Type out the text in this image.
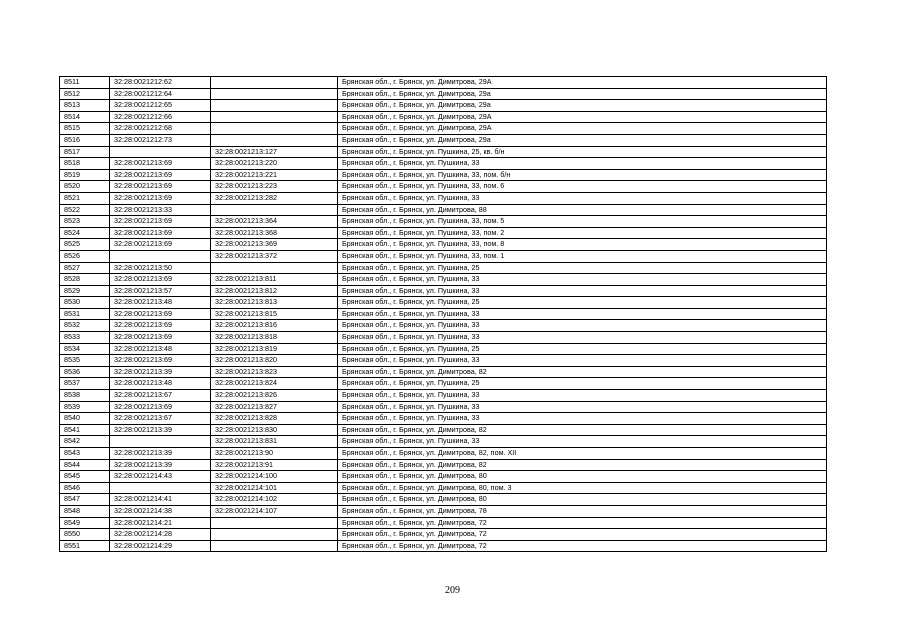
8511	32:28:0021212:62		Брянская обл., г. Брянск, ул. Димитрова, 29А
8512	32:28:0021212:64		Брянская обл., г. Брянск, ул. Димитрова, 29а
8513	32:28:0021212:65		Брянская обл., г. Брянск, ул. Димитрова, 29а
8514	32:28:0021212:66		Брянская обл., г. Брянск, ул. Димитрова, 29А
8515	32:28:0021212:68		Брянская обл., г. Брянск, ул. Димитрова, 29А
8516	32:28:0021212:73		Брянская обл., г. Брянск, ул. Димитрова, 29а
8517		32:28:0021213:127	Брянская обл., г. Брянск, ул. Пушкина, 25, кв. б/н
8518	32:28:0021213:69	32:28:0021213:220	Брянская обл., г. Брянск, ул. Пушкина, 33
8519	32:28:0021213:69	32:28:0021213:221	Брянская обл., г. Брянск, ул. Пушкина, 33, пом. б/н
8520	32:28:0021213:69	32:28:0021213:223	Брянская обл., г. Брянск, ул. Пушкина, 33, пом. 6
8521	32:28:0021213:69	32:28:0021213:282	Брянская обл., г. Брянск, ул. Пушкина, 33
8522	32:28:0021213:33		Брянская обл., г. Брянск, ул. Димитрова, 88
8523	32:28:0021213:69	32:28:0021213:364	Брянская обл., г. Брянск, ул. Пушкина, 33, пом. 5
8524	32:28:0021213:69	32:28:0021213:368	Брянская обл., г. Брянск, ул. Пушкина, 33, пом. 2
8525	32:28:0021213:69	32:28:0021213:369	Брянская обл., г. Брянск, ул. Пушкина, 33, пом. 8
8526		32:28:0021213:372	Брянская обл., г. Брянск, ул. Пушкина, 33, пом. 1
8527	32:28:0021213:50		Брянская обл., г. Брянск, ул. Пушкина, 25
8528	32:28:0021213:69	32:28:0021213:811	Брянская обл., г. Брянск, ул. Пушкина, 33
8529	32:28:0021213:57	32:28:0021213:812	Брянская обл., г. Брянск, ул. Пушкина, 33
8530	32:28:0021213:48	32:28:0021213:813	Брянская обл., г. Брянск, ул. Пушкина, 25
8531	32:28:0021213:69	32:28:0021213:815	Брянская обл., г. Брянск, ул. Пушкина, 33
8532	32:28:0021213:69	32:28:0021213:816	Брянская обл., г. Брянск, ул. Пушкина, 33
8533	32:28:0021213:69	32:28:0021213:818	Брянская обл., г. Брянск, ул. Пушкина, 33
8534	32:28:0021213:48	32:28:0021213:819	Брянская обл., г. Брянск, ул. Пушкина, 25
8535	32:28:0021213:69	32:28:0021213:820	Брянская обл., г. Брянск, ул. Пушкина, 33
8536	32:28:0021213:39	32:28:0021213:823	Брянская обл., г. Брянск, ул. Димитрова, 82
8537	32:28:0021213:48	32:28:0021213:824	Брянская обл., г. Брянск, ул. Пушкина, 25
8538	32:28:0021213:67	32:28:0021213:826	Брянская обл., г. Брянск, ул. Пушкина, 33
8539	32:28:0021213:69	32:28:0021213:827	Брянская обл., г. Брянск, ул. Пушкина, 33
8540	32:28:0021213:67	32:28:0021213:828	Брянская обл., г. Брянск, ул. Пушкина, 33
8541	32:28:0021213:39	32:28:0021213:830	Брянская обл., г. Брянск, ул. Димитрова, 82
8542		32:28:0021213:831	Брянская обл., г. Брянск, ул. Пушкина, 33
8543	32:28:0021213:39	32:28:0021213:90	Брянская обл., г. Брянск, ул. Димитрова, 82, пом. XII
8544	32:28:0021213:39	32:28:0021213:91	Брянская обл., г. Брянск, ул. Димитрова, 82
8545	32:28:0021214:43	32:28:0021214:100	Брянская обл., г. Брянск, ул. Димитрова, 80
8546		32:28:0021214:101	Брянская обл., г. Брянск, ул. Димитрова, 80, пом. 3
8547	32:28:0021214:41	32:28:0021214:102	Брянская обл., г. Брянск, ул. Димитрова, 80
8548	32:28:0021214:38	32:28:0021214:107	Брянская обл., г. Брянск, ул. Димитрова, 78
8549	32:28:0021214:21		Брянская обл., г. Брянск, ул. Димитрова, 72
8550	32:28:0021214:28		Брянская обл., г. Брянск, ул. Димитрова, 72
8551	32:28:0021214:29		Брянская обл., г. Брянск, ул. Димитрова, 72
209
